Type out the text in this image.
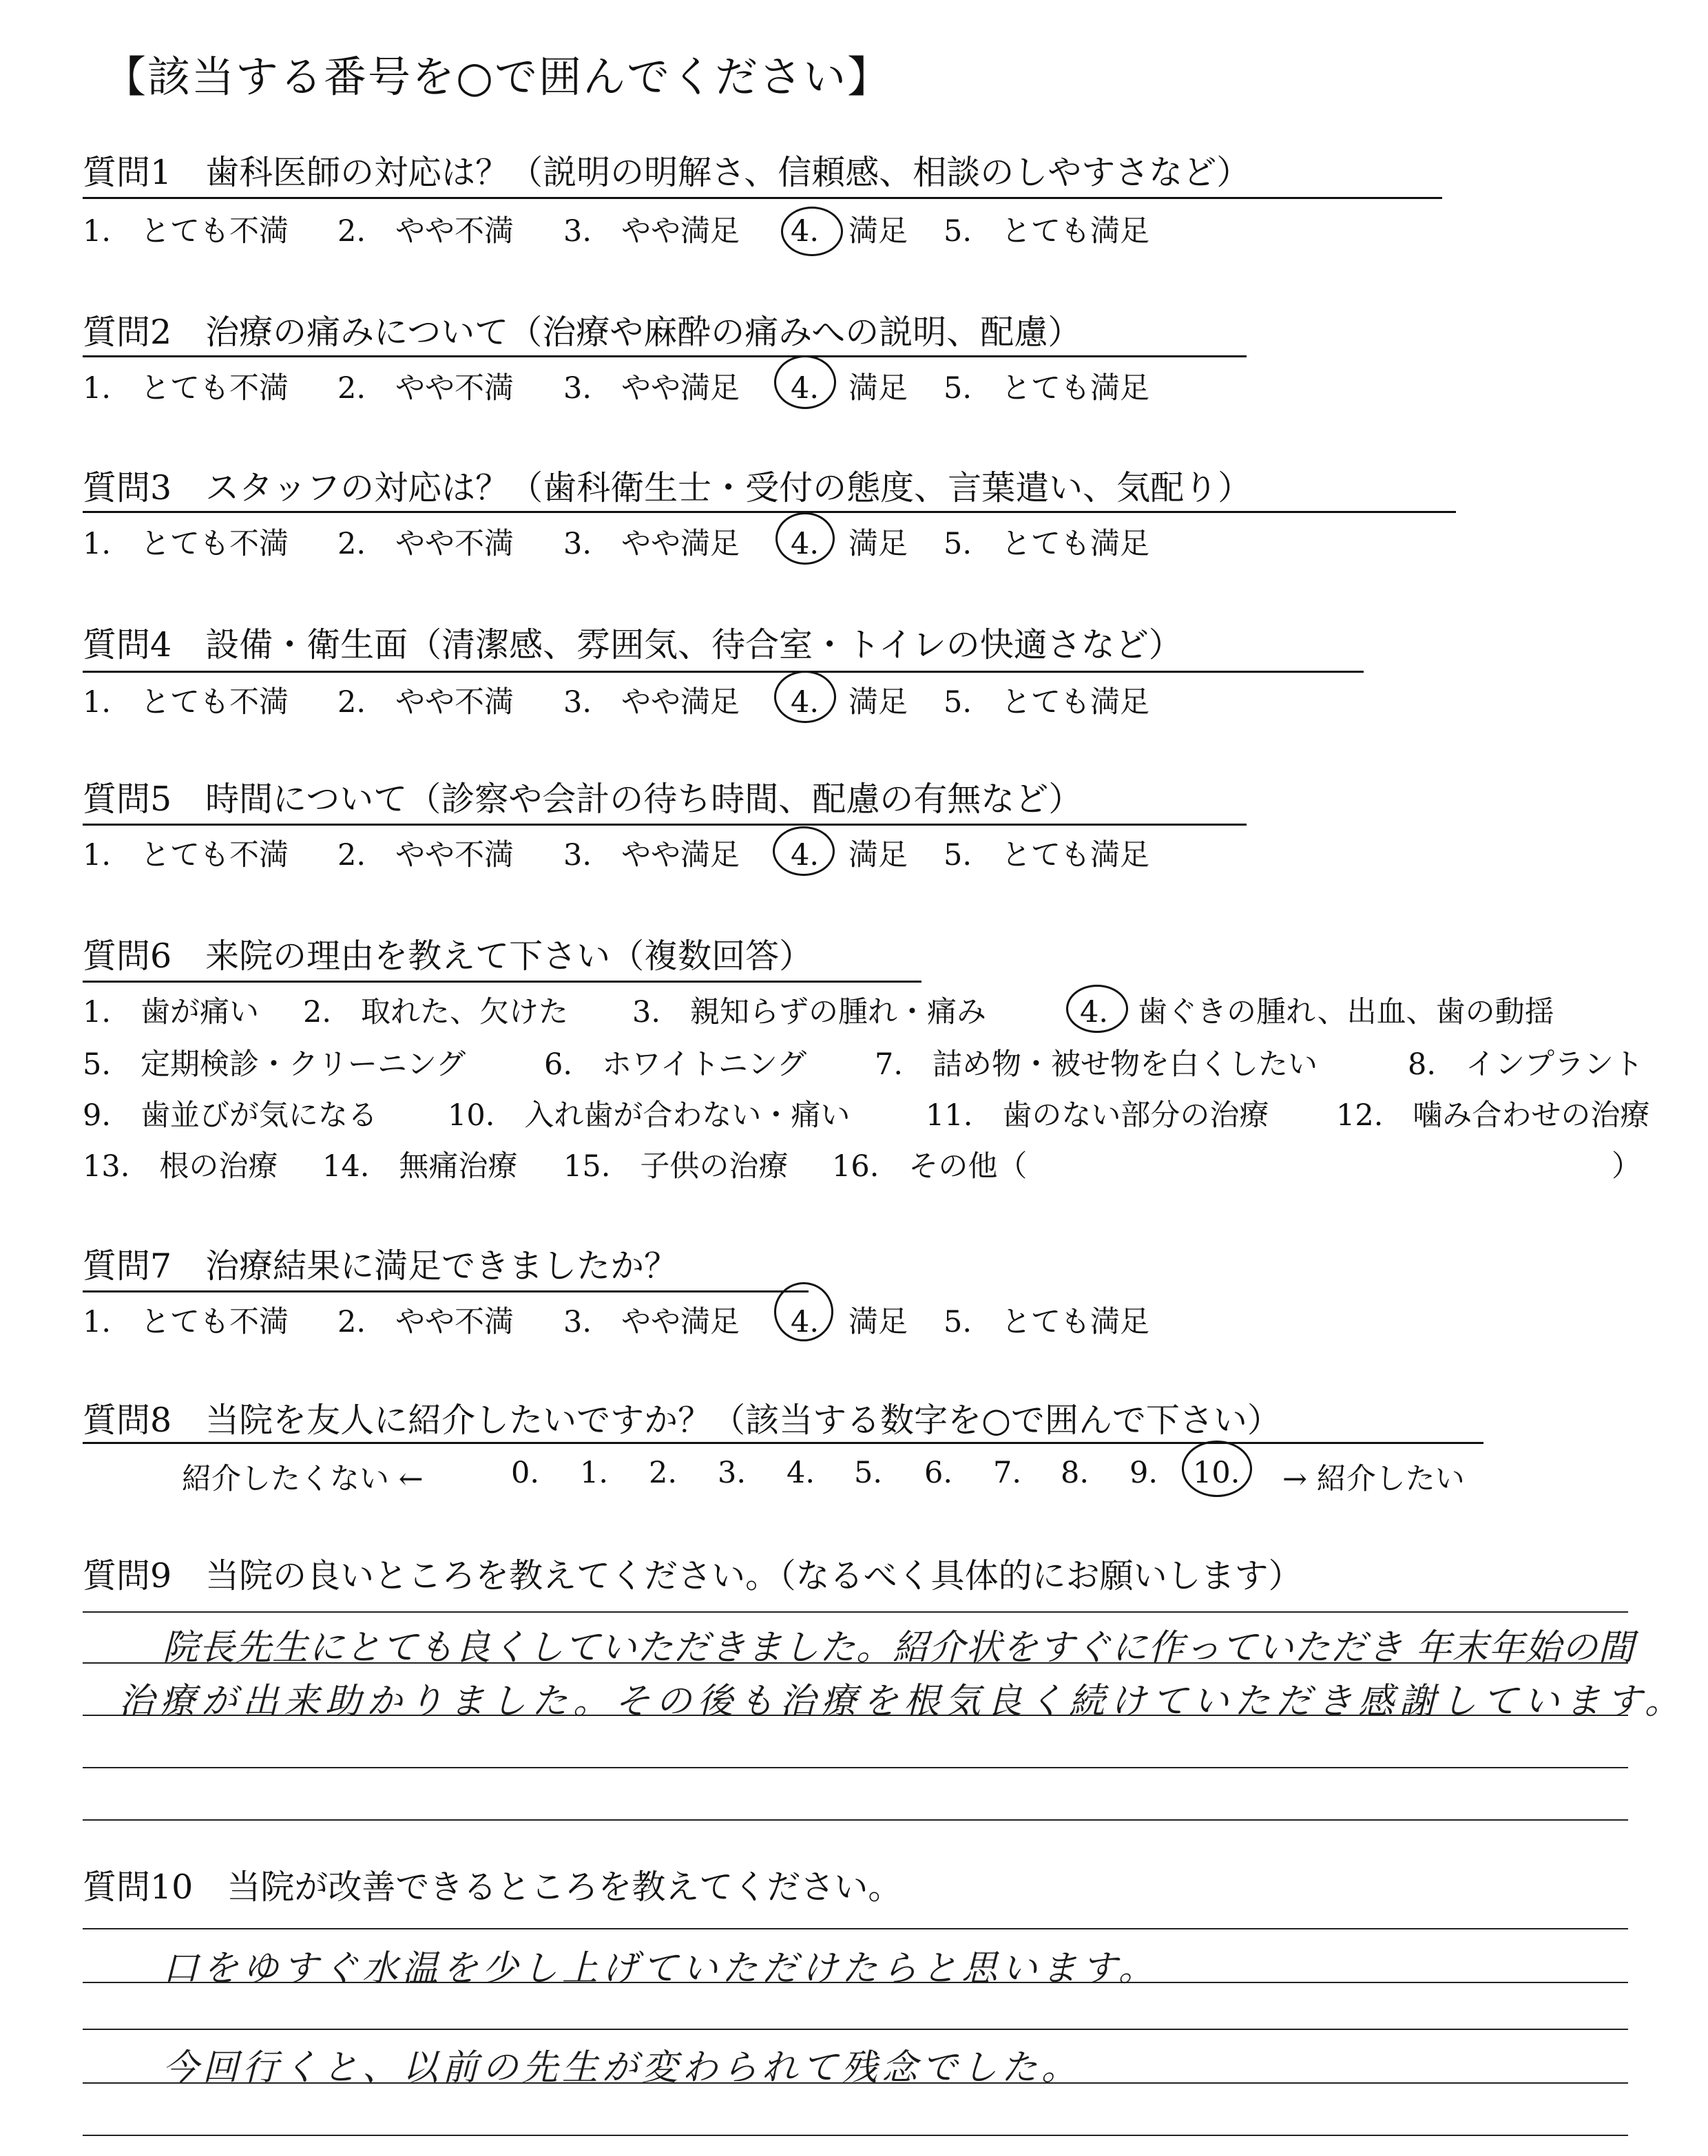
【該当する番号を○で囲んでください】
質問1　歯科医師の対応は？（説明の明解さ、信頼感、相談のしやすさなど）
1.　とても不満 2.　やや不満 3.　やや満足 4.　満足 5.　とても満足
質問2　治療の痛みについて（治療や麻酔の痛みへの説明、配慮）
1.　とても不満 2.　やや不満 3.　やや満足 4.　満足 5.　とても満足
質問3　スタッフの対応は？（歯科衛生士・受付の態度、言葉遣い、気配り）
1.　とても不満 2.　やや不満 3.　やや満足 4.　満足 5.　とても満足
質問4　設備・衛生面（清潔感、雰囲気、待合室・トイレの快適さなど）
1.　とても不満 2.　やや不満 3.　やや満足 4.　満足 5.　とても満足
質問5　時間について（診察や会計の待ち時間、配慮の有無など）
1.　とても不満 2.　やや不満 3.　やや満足 4.　満足 5.　とても満足
質問6　来院の理由を教えて下さい（複数回答）
1.　歯が痛い 2.　取れた、欠けた 3.　親知らずの腫れ・痛み	4.　歯ぐきの腫れ、出血、歯の動揺
5.　定期検診・クリーニング	6.　ホワイトニング 7.　詰め物・被せ物を白くしたい	8.　インプラント
9.　歯並びが気になる 10.　入れ歯が合わない・痛い	11.　歯のない部分の治療 12.　噛み合わせの治療
13.　根の治療 14.　無痛治療 15.　子供の治療 16.　その他（	）
質問7　治療結果に満足できましたか？
1.　とても不満 2.　やや不満 3.　やや満足 4.　満足 5.　とても満足
質問8　当院を友人に紹介したいですか？（該当する数字を○で囲んで下さい）
紹介したくない ←	0. 1. 2. 3. 4. 5. 6. 7. 8. 9. 10. → 紹介したい
質問9　当院の良いところを教えてください。（なるべく具体的にお願いします）
院長先生にとても良くしていただきました。紹介状をすぐに作っていただき 年末年始の間
治療が出来助かりました。その後も治療を根気良く続けていただき感謝しています。
質問10　当院が改善できるところを教えてください。
口をゆすぐ水温を少し上げていただけたらと思います。
今回行くと、以前の先生が変わられて残念でした。
